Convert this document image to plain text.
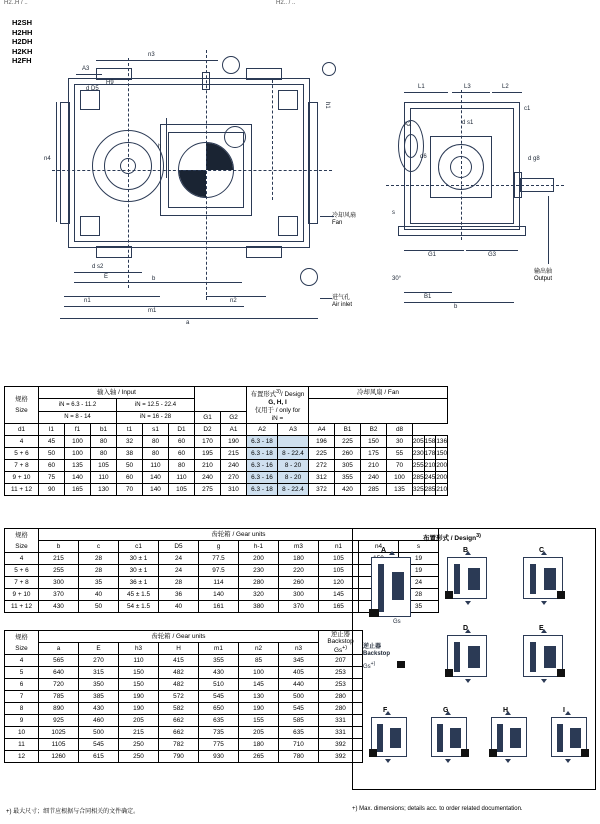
H2..H / ..	H2.. / ..
H2SH
H2HH
H2DH
H2KH
H2FH
n3
A3
d D5
H9
n4
h
d s2
E	b
n1
m1
a
n2
h1
L1	L3	L2
c1
d g8
d6
s
G1	G3
B1
b
30°
A2	d s1
冷却风扇
Fan
进气孔
Air inlet
输出轴
Output
规格
Size
	输入轴 / Input		布置形式$^{3)}$/ Design
G, H, I
仅用于 / only for
iN =
	冷却风扇 / Fan
	iN = 6.3 - 11.2			iN = 12.5 - 22.4													
	N = 8 - 14			iN = 16 - 28			G1	G2									
d1	l1	f1	b1	t1	s1	D1	D2	A1	A2	A3	A4	B1	B2	d8			
4	45	100	80	32	80	60	170	190	6.3 - 18		196	225	150	30	205	158	136
5 + 6	50	100	80	38	80	60	195	215	6.3 - 18	8 - 22.4	225	260	175	55	230	178	150
7 + 8	60	135	105	50	110	80	210	240	6.3 - 16	8 - 20	272	305	210	70	255	210	200
9 + 10	75	140	110	60	140	110	240	270	6.3 - 16	8 - 20	312	355	240	100	285	245	200
11 + 12	90	165	130	70	140	105	275	310	6.3 - 18	8 - 22.4	372	420	285	135	325	285	210
规格
Size	齿轮箱 / Gear units									
	b	c	c1	D5	g	h-1	m3	n1	n4	s
4	215	28	30 ± 1	24	77.5	200	180	105		19
5 + 6	255	28	30 ± 1	24	97.5	230	220	105		19
7 + 8	300	35	36 ± 1	28	114	280	260	120		24
9 + 10	370	40	45 ± 1.5	36	140	320	300	145		28
11 + 12	430	50	54 ± 1.5	40	161	380	370	165		35
规格
Size
	齿轮箱 / Gear units	逆止器
Backstop
Gs+)

	a	E	h3	H	m1	n2	n3	
4	565	270	110	415	355	85	345	207
5	640	315	150	482	430	100	405	253
6	720	350	150	482	510	145	440	253
7	785	385	190	572	545	130	500	280
8	890	430	190	582	650	190	545	280
9	925	460	205	662	635	155	585	331
10	1025	500	215	662	735	205	635	331
11	1105	545	250	782	775	180	710	392
12	1260	615	250	790	930	265	780	392
布置形式 / Design$^{3)}$
A
Gs
B	C
D	E
逆止器
Backstop
Gs+)
F	G	H	I
+) 最大尺寸；细节应根据与合同相关的文件确定。	+) Max. dimensions; details acc. to order related documentation.
